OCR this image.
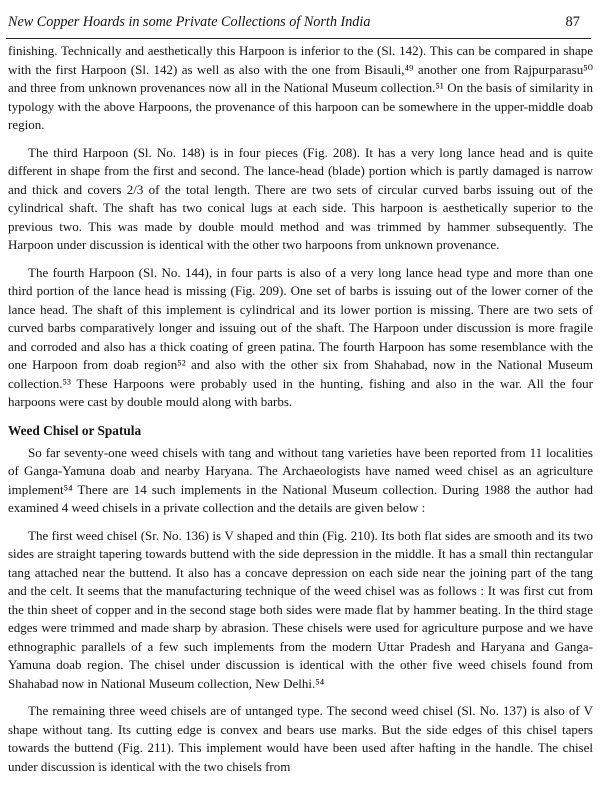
New Copper Hoards in some Private Collections of North India	87

finishing. Technically and aesthetically this Harpoon is inferior to the (Sl. 142). This can be compared in shape with the first Harpoon (Sl. 142) as well as also with the one from Bisauli,⁴⁹ another one from Rajpurparasu⁵⁰ and three from unknown provenances now all in the National Museum collection.⁵¹ On the basis of similarity in typology with the above Harpoons, the provenance of this harpoon can be somewhere in the upper-middle doab region.

The third Harpoon (Sl. No. 148) is in four pieces (Fig. 208). It has a very long lance head and is quite different in shape from the first and second. The lance-head (blade) portion which is partly damaged is narrow and thick and covers 2/3 of the total length. There are two sets of circular curved barbs issuing out of the cylindrical shaft. The shaft has two conical lugs at each side. This harpoon is aesthetically superior to the previous two. This was made by double mould method and was trimmed by hammer subsequently. The Harpoon under discussion is identical with the other two harpoons from unknown provenance.

The fourth Harpoon (Sl. No. 144), in four parts is also of a very long lance head type and more than one third portion of the lance head is missing (Fig. 209). One set of barbs is issuing out of the lower corner of the lance head. The shaft of this implement is cylindrical and its lower portion is missing. There are two sets of curved barbs comparatively longer and issuing out of the shaft. The Harpoon under discussion is more fragile and corroded and also has a thick coating of green patina. The fourth Harpoon has some resemblance with the one Harpoon from doab region⁵² and also with the other six from Shahabad, now in the National Museum collection.⁵³ These Harpoons were probably used in the hunting, fishing and also in the war. All the four harpoons were cast by double mould along with barbs.

Weed Chisel or Spatula

So far seventy-one weed chisels with tang and without tang varieties have been reported from 11 localities of Ganga-Yamuna doab and nearby Haryana. The Archaeologists have named weed chisel as an agriculture implement⁵⁴ There are 14 such implements in the National Museum collection. During 1988 the author had examined 4 weed chisels in a private collection and the details are given below :

The first weed chisel (Sr. No. 136) is V shaped and thin (Fig. 210). Its both flat sides are smooth and its two sides are straight tapering towards buttend with the side depression in the middle. It has a small thin rectangular tang attached near the buttend. It also has a concave depression on each side near the joining part of the tang and the celt. It seems that the manufacturing technique of the weed chisel was as follows : It was first cut from the thin sheet of copper and in the second stage both sides were made flat by hammer beating. In the third stage edges were trimmed and made sharp by abrasion. These chisels were used for agriculture purpose and we have ethnographic parallels of a few such implements from the modern Uttar Pradesh and Haryana and Ganga-Yamuna doab region. The chisel under discussion is identical with the other five weed chisels found from Shahabad now in National Museum collection, New Delhi.⁵⁴

The remaining three weed chisels are of untanged type. The second weed chisel (Sl. No. 137) is also of V shape without tang. Its cutting edge is convex and bears use marks. But the side edges of this chisel tapers towards the buttend (Fig. 211). This implement would have been used after hafting in the handle. The chisel under discussion is identical with the two chisels from
